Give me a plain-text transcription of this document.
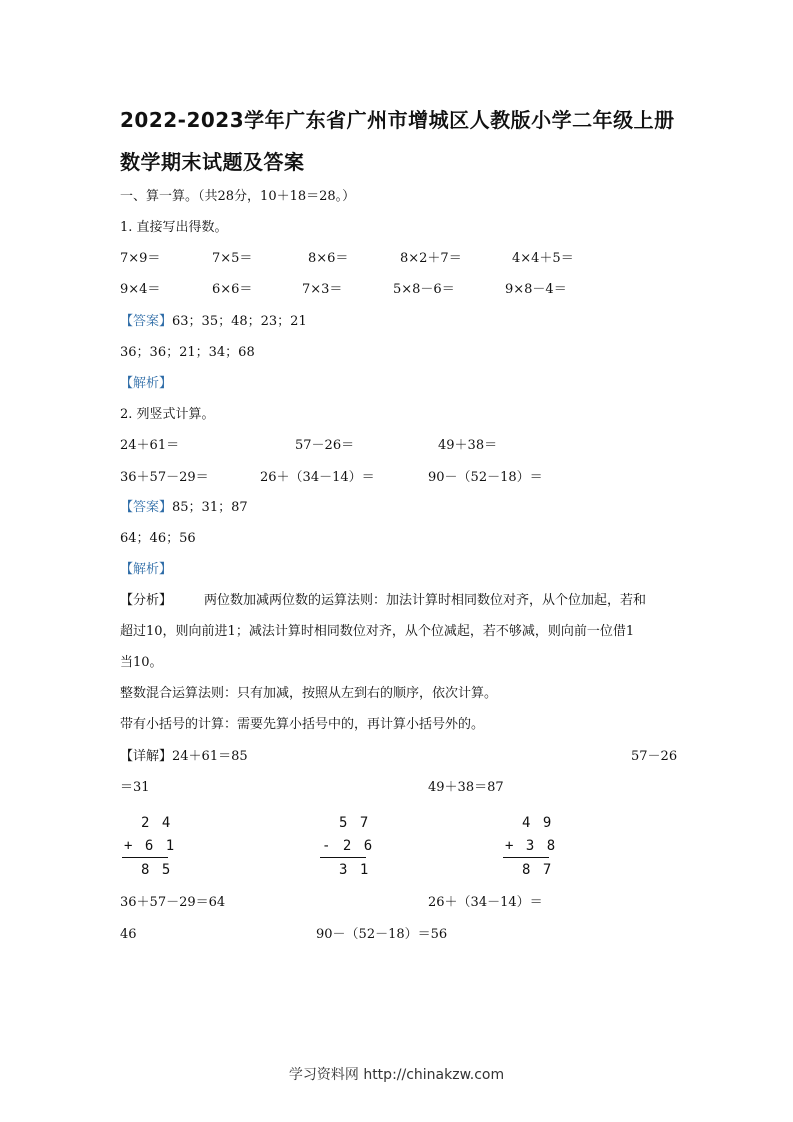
2022-2023学年广东省广州市增城区人教版小学二年级上册
数学期末试题及答案
一、算一算。（共28分，10＋18＝28。）
1. 直接写出得数。
7×9＝	7×5＝	8×6＝	8×2＋7＝	4×4＋5＝
9×4＝	6×6＝	7×3＝	5×8－6＝	9×8－4＝
【答案】63；35；48；23；21
36；36；21；34；68
【解析】
2. 列竖式计算。
24＋61＝	57－26＝	49＋38＝
36＋57－29＝	26＋（34－14）＝	90－（52－18）＝
【答案】85；31；87
64；46；56
【解析】
【分析】 两位数加减两位数的运算法则：加法计算时相同数位对齐，从个位加起，若和
超过10，则向前进1；减法计算时相同数位对齐，从个位减起，若不够减，则向前一位借1
当10。
整数混合运算法则：只有加减，按照从左到右的顺序，依次计算。
带有小括号的计算：需要先算小括号中的，再计算小括号外的。
【详解】24＋61＝85	57－26
＝31	49＋38＝87
2 4
+ 6 1
8 5
5 7
- 2 6
3 1
4 9
+ 3 8
8 7
36＋57－29＝64	26＋（34－14）＝
46	90－（52－18）＝56
学习资料网 http://chinakzw.com
